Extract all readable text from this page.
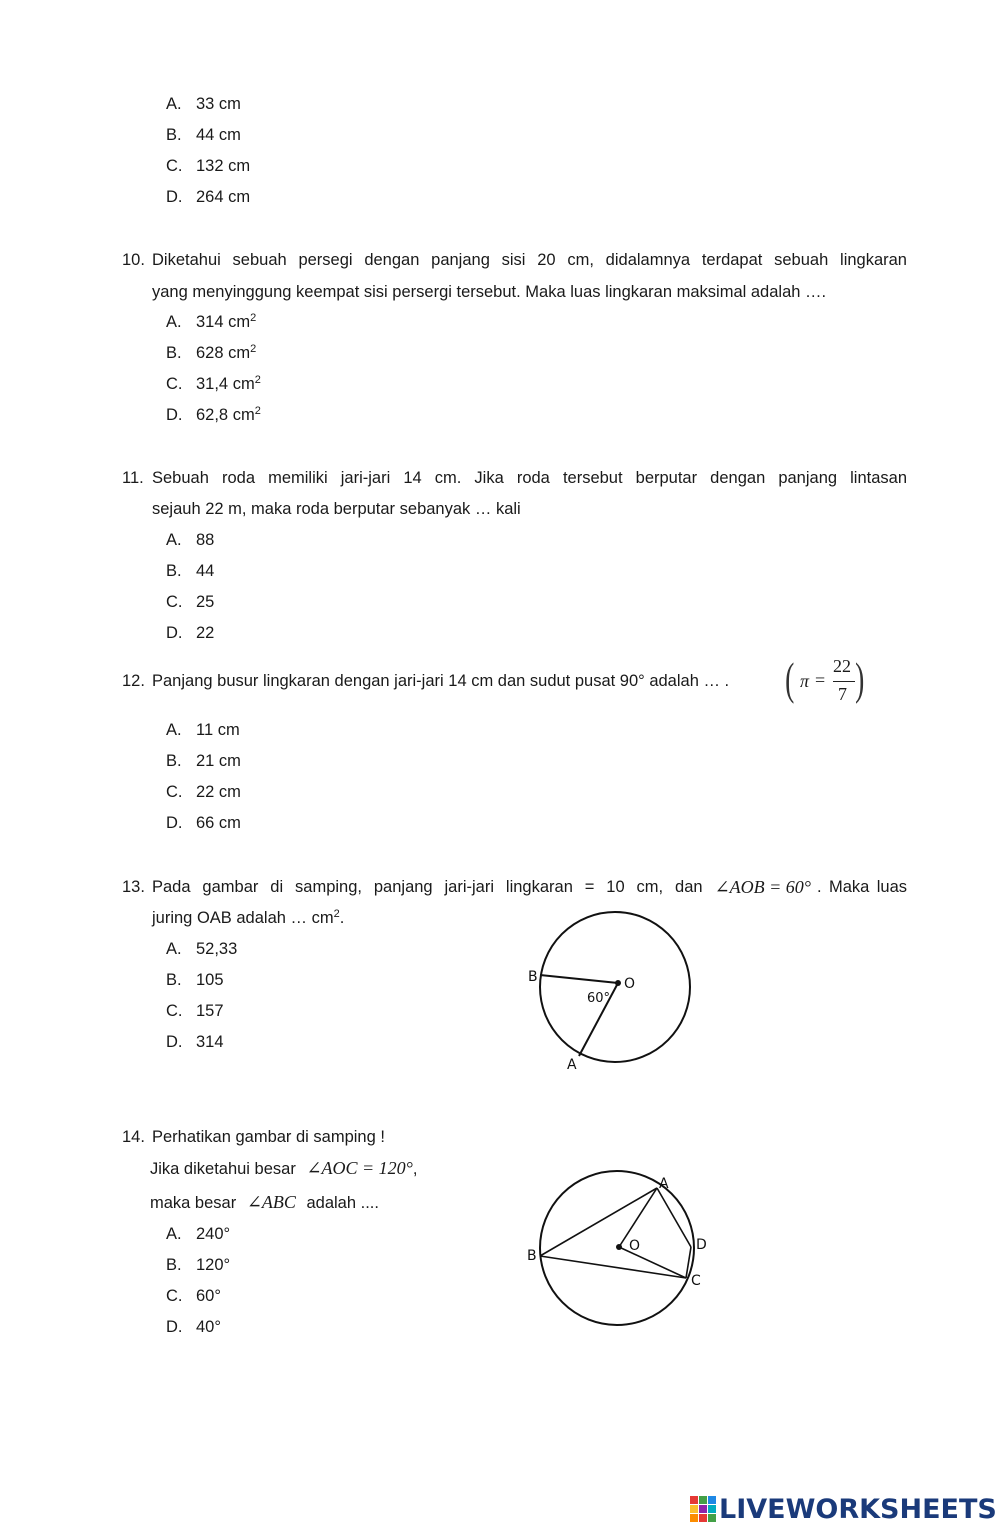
A. 33 cm
B. 44 cm
C. 132 cm
D. 264 cm
10. Diketahui sebuah persegi dengan panjang sisi 20 cm, didalamnya terdapat sebuah lingkaran
yang menyinggung keempat sisi persergi tersebut. Maka luas lingkaran maksimal adalah ….
A. 314 $cm^2$
B. 628 $cm^2$
C. 31,4 $cm^2$
D. 62,8 $cm^2$
11. Sebuah roda memiliki jari-jari 14 cm. Jika roda tersebut berputar dengan panjang lintasan
sejauh 22 m, maka roda berputar sebanyak … kali
A. 88
B. 44
C. 25
D. 22
12. Panjang busur lingkaran dengan jari-jari 14 cm dan sudut pusat 90° adalah … . ( π =
22
7 )
A. 11 cm
B. 21 cm
C. 22 cm
D. 66 cm
13. Pada gambar di samping, panjang jari-jari lingkaran = 10 cm, dan ∠AOB = 60° . Maka luas
juring OAB adalah … $cm^2$.
A. 52,33
B. 105
C. 157
D. 314
B	O
60°
A
14. Perhatikan gambar di samping !
Jika diketahui besar ∠AOC = 120°,
maka besar ∠ABC adalah ....
A. 240°
B. 120°
C. 60°
D. 40°
A
B
O	D
C
LIVEWORKSHEETS
